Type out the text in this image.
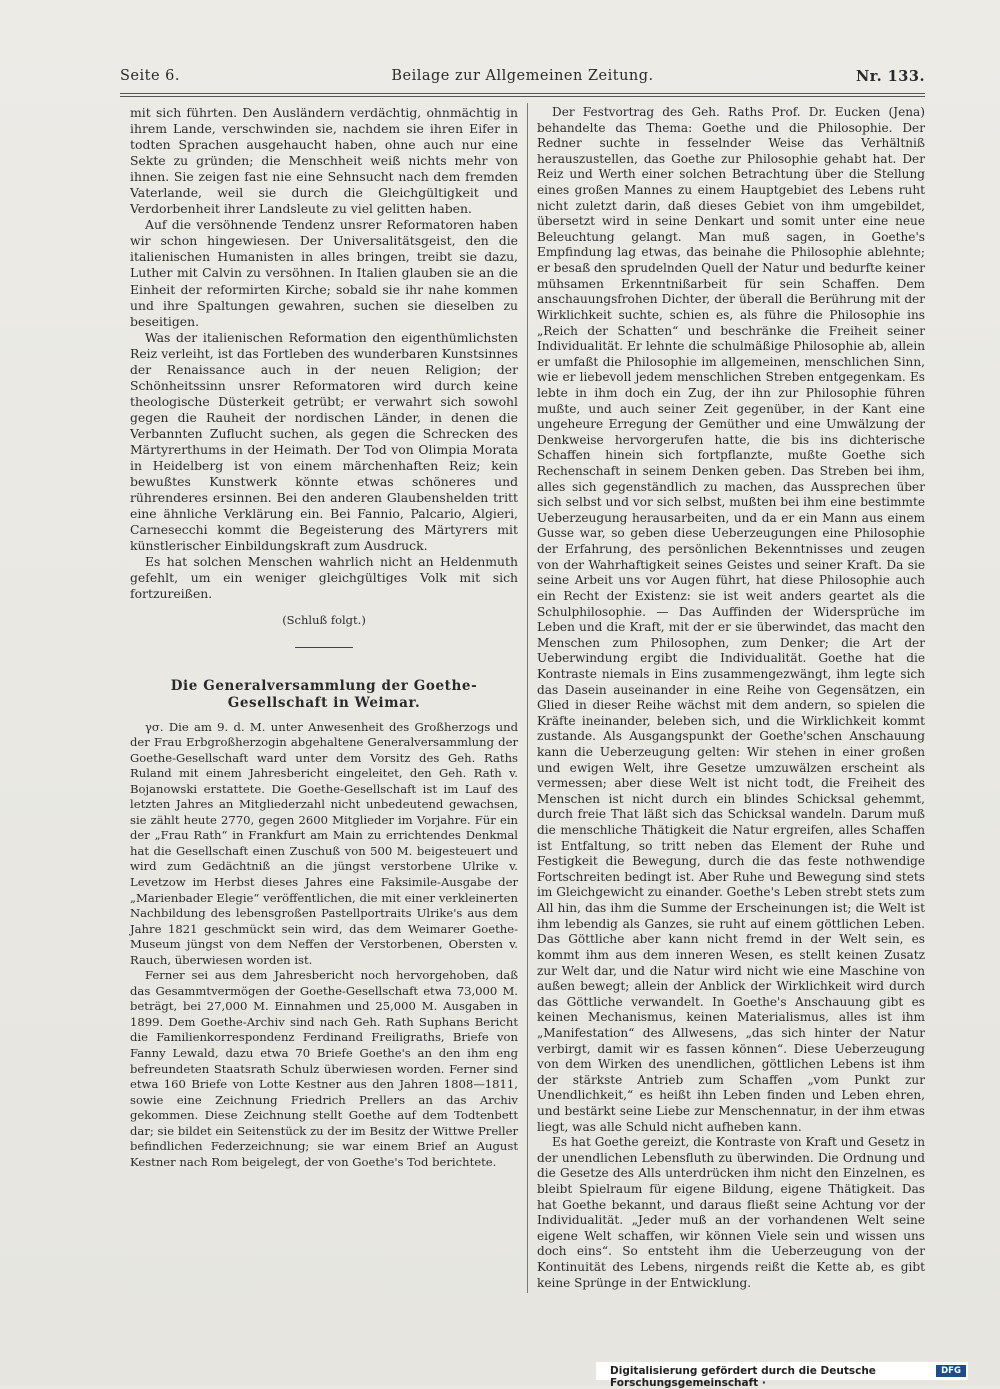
Seite 6.	Beilage zur Allgemeinen Zeitung.	Nr. 133.

mit sich führten. Den Ausländern verdächtig, ohnmächtig in ihrem Lande, verschwinden sie, nachdem sie ihren Eifer in todten Sprachen ausgehaucht haben, ohne auch nur eine Sekte zu gründen; die Menschheit weiß nichts mehr von ihnen. Sie zeigen fast nie eine Sehnsucht nach dem fremden Vaterlande, weil sie durch die Gleichgültigkeit und Verdorbenheit ihrer Landsleute zu viel gelitten haben.

Auf die versöhnende Tendenz unsrer Reformatoren haben wir schon hingewiesen. Der Universalitätsgeist, den die italienischen Humanisten in alles bringen, treibt sie dazu, Luther mit Calvin zu versöhnen. In Italien glauben sie an die Einheit der reformirten Kirche; sobald sie ihr nahe kommen und ihre Spaltungen gewahren, suchen sie dieselben zu beseitigen.

Was der italienischen Reformation den eigenthümlichsten Reiz verleiht, ist das Fortleben des wunderbaren Kunstsinnes der Renaissance auch in der neuen Religion; der Schönheitssinn unsrer Reformatoren wird durch keine theologische Düsterkeit getrübt; er verwahrt sich sowohl gegen die Rauheit der nordischen Länder, in denen die Verbannten Zuflucht suchen, als gegen die Schrecken des Märtyrerthums in der Heimath. Der Tod von Olimpia Morata in Heidelberg ist von einem märchenhaften Reiz; kein bewußtes Kunstwerk könnte etwas schöneres und rührenderes ersinnen. Bei den anderen Glaubenshelden tritt eine ähnliche Verklärung ein. Bei Fannio, Palcario, Algieri, Carnesecchi kommt die Begeisterung des Märtyrers mit künstlerischer Einbildungskraft zum Ausdruck.

Es hat solchen Menschen wahrlich nicht an Heldenmuth gefehlt, um ein weniger gleichgültiges Volk mit sich fortzureißen.

(Schluß folgt.)
Die Generalversammlung der Goethe-Gesellschaft in Weimar.

γσ. Die am 9. d. M. unter Anwesenheit des Großherzogs und der Frau Erbgroßherzogin abgehaltene Generalversammlung der Goethe-Gesellschaft ward unter dem Vorsitz des Geh. Raths Ruland mit einem Jahresbericht eingeleitet, den Geh. Rath v. Bojanowski erstattete. Die Goethe-Gesellschaft ist im Lauf des letzten Jahres an Mitgliederzahl nicht unbedeutend gewachsen, sie zählt heute 2770, gegen 2600 Mitglieder im Vorjahre. Für ein der „Frau Rath“ in Frankfurt am Main zu errichtendes Denkmal hat die Gesellschaft einen Zuschuß von 500 M. beigesteuert und wird zum Gedächtniß an die jüngst verstorbene Ulrike v. Levetzow im Herbst dieses Jahres eine Faksimile-Ausgabe der „Marienbader Elegie“ veröffentlichen, die mit einer verkleinerten Nachbildung des lebensgroßen Pastellportraits Ulrike's aus dem Jahre 1821 geschmückt sein wird, das dem Weimarer Goethe-Museum jüngst von dem Neffen der Verstorbenen, Obersten v. Rauch, überwiesen worden ist.

Ferner sei aus dem Jahresbericht noch hervorgehoben, daß das Gesammtvermögen der Goethe-Gesellschaft etwa 73,000 M. beträgt, bei 27,000 M. Einnahmen und 25,000 M. Ausgaben in 1899. Dem Goethe-Archiv sind nach Geh. Rath Suphans Bericht die Familienkorrespondenz Ferdinand Freiligraths, Briefe von Fanny Lewald, dazu etwa 70 Briefe Goethe's an den ihm eng befreundeten Staatsrath Schulz überwiesen worden. Ferner sind etwa 160 Briefe von Lotte Kestner aus den Jahren 1808—1811, sowie eine Zeichnung Friedrich Prellers an das Archiv gekommen. Diese Zeichnung stellt Goethe auf dem Todtenbett dar; sie bildet ein Seitenstück zu der im Besitz der Wittwe Preller befindlichen Federzeichnung; sie war einem Brief an August Kestner nach Rom beigelegt, der von Goethe's Tod berichtete.

Der Festvortrag des Geh. Raths Prof. Dr. Eucken (Jena) behandelte das Thema: Goethe und die Philosophie. Der Redner suchte in fesselnder Weise das Verhältniß herauszustellen, das Goethe zur Philosophie gehabt hat. Der Reiz und Werth einer solchen Betrachtung über die Stellung eines großen Mannes zu einem Hauptgebiet des Lebens ruht nicht zuletzt darin, daß dieses Gebiet von ihm umgebildet, übersetzt wird in seine Denkart und somit unter eine neue Beleuchtung gelangt. Man muß sagen, in Goethe's Empfindung lag etwas, das beinahe die Philosophie ablehnte; er besaß den sprudelnden Quell der Natur und bedurfte keiner mühsamen Erkenntnißarbeit für sein Schaffen. Dem anschauungsfrohen Dichter, der überall die Berührung mit der Wirklichkeit suchte, schien es, als führe die Philosophie ins „Reich der Schatten“ und beschränke die Freiheit seiner Individualität. Er lehnte die schulmäßige Philosophie ab, allein er umfaßt die Philosophie im allgemeinen, menschlichen Sinn, wie er liebevoll jedem menschlichen Streben entgegenkam. Es lebte in ihm doch ein Zug, der ihn zur Philosophie führen mußte, und auch seiner Zeit gegenüber, in der Kant eine ungeheure Erregung der Gemüther und eine Umwälzung der Denkweise hervorgerufen hatte, die bis ins dichterische Schaffen hinein sich fortpflanzte, mußte Goethe sich Rechenschaft in seinem Denken geben. Das Streben bei ihm, alles sich gegenständlich zu machen, das Aussprechen über sich selbst und vor sich selbst, mußten bei ihm eine bestimmte Ueberzeugung herausarbeiten, und da er ein Mann aus einem Gusse war, so geben diese Ueberzeugungen eine Philosophie der Erfahrung, des persönlichen Bekenntnisses und zeugen von der Wahrhaftigkeit seines Geistes und seiner Kraft. Da sie seine Arbeit uns vor Augen führt, hat diese Philosophie auch ein Recht der Existenz: sie ist weit anders geartet als die Schulphilosophie. — Das Auffinden der Widersprüche im Leben und die Kraft, mit der er sie überwindet, das macht den Menschen zum Philosophen, zum Denker; die Art der Ueberwindung ergibt die Individualität. Goethe hat die Kontraste niemals in Eins zusammengezwängt, ihm legte sich das Dasein auseinander in eine Reihe von Gegensätzen, ein Glied in dieser Reihe wächst mit dem andern, so spielen die Kräfte ineinander, beleben sich, und die Wirklichkeit kommt zustande. Als Ausgangspunkt der Goethe'schen Anschauung kann die Ueberzeugung gelten: Wir stehen in einer großen und ewigen Welt, ihre Gesetze umzuwälzen erscheint als vermessen; aber diese Welt ist nicht todt, die Freiheit des Menschen ist nicht durch ein blindes Schicksal gehemmt, durch freie That läßt sich das Schicksal wandeln. Darum muß die menschliche Thätigkeit die Natur ergreifen, alles Schaffen ist Entfaltung, so tritt neben das Element der Ruhe und Festigkeit die Bewegung, durch die das feste nothwendige Fortschreiten bedingt ist. Aber Ruhe und Bewegung sind stets im Gleichgewicht zu einander. Goethe's Leben strebt stets zum All hin, das ihm die Summe der Erscheinungen ist; die Welt ist ihm lebendig als Ganzes, sie ruht auf einem göttlichen Leben. Das Göttliche aber kann nicht fremd in der Welt sein, es kommt ihm aus dem inneren Wesen, es stellt keinen Zusatz zur Welt dar, und die Natur wird nicht wie eine Maschine von außen bewegt; allein der Anblick der Wirklichkeit wird durch das Göttliche verwandelt. In Goethe's Anschauung gibt es keinen Mechanismus, keinen Materialismus, alles ist ihm „Manifestation“ des Allwesens, „das sich hinter der Natur verbirgt, damit wir es fassen können“. Diese Ueberzeugung von dem Wirken des unendlichen, göttlichen Lebens ist ihm der stärkste Antrieb zum Schaffen „vom Punkt zur Unendlichkeit,“ es heißt ihn Leben finden und Leben ehren, und bestärkt seine Liebe zur Menschennatur, in der ihm etwas liegt, was alle Schuld nicht aufheben kann.

Es hat Goethe gereizt, die Kontraste von Kraft und Gesetz in der unendlichen Lebensfluth zu überwinden. Die Ordnung und die Gesetze des Alls unterdrücken ihm nicht den Einzelnen, es bleibt Spielraum für eigene Bildung, eigene Thätigkeit. Das hat Goethe bekannt, und daraus fließt seine Achtung vor der Individualität. „Jeder muß an der vorhandenen Welt seine eigene Welt schaffen, wir können Viele sein und wissen uns doch eins“. So entsteht ihm die Ueberzeugung von der Kontinuität des Lebens, nirgends reißt die Kette ab, es gibt keine Sprünge in der Entwicklung.

Digitalisierung gefördert durch die Deutsche Forschungsgemeinschaft ·
DFG
